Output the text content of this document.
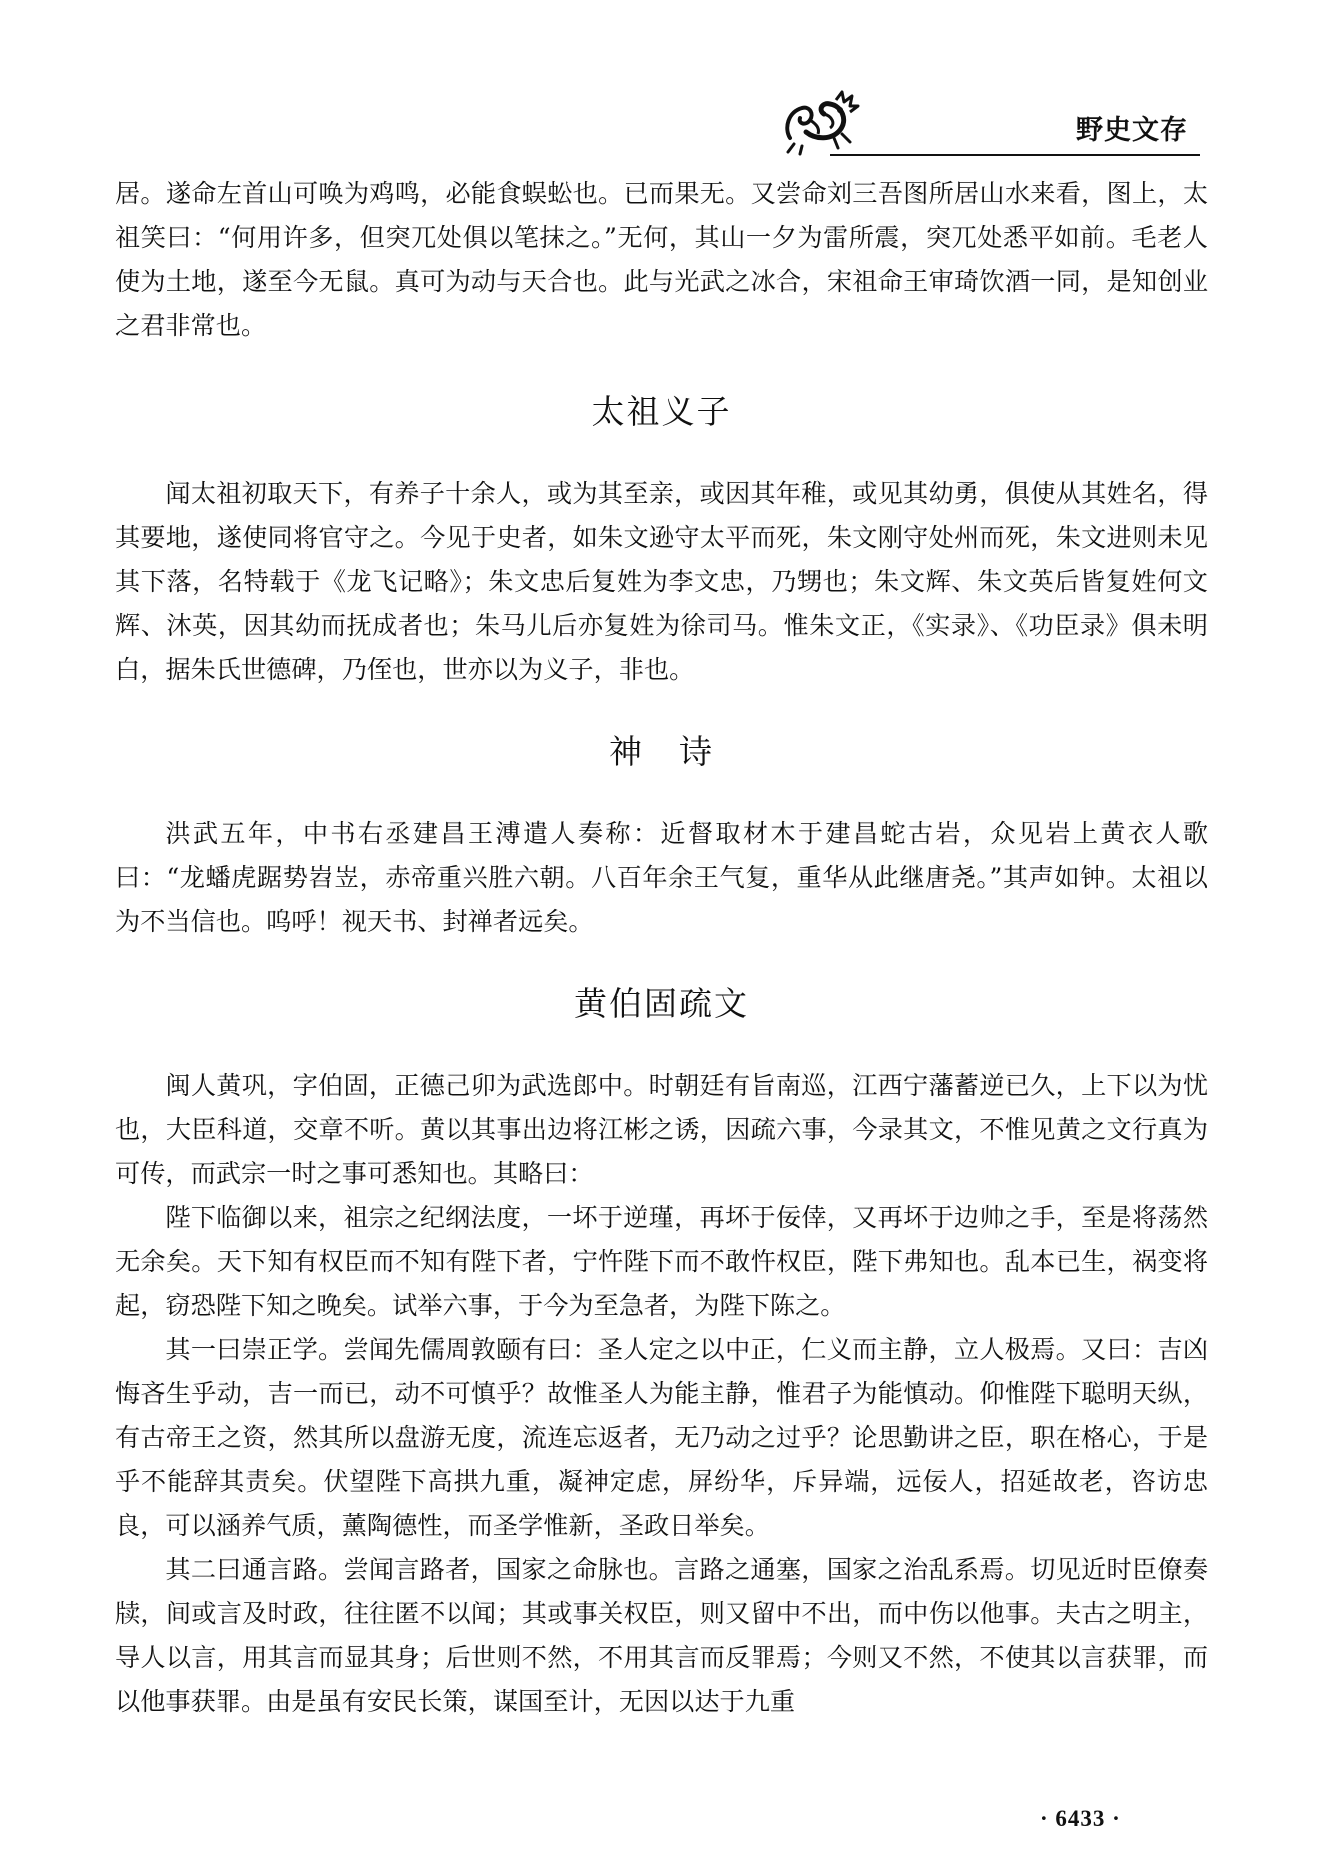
野史文存

居。遂命左首山可唤为鸡鸣，必能食蜈蚣也。已而果无。又尝命刘三吾图所居山水来看，图上，太祖笑曰：“何用许多，但突兀处俱以笔抹之。”无何，其山一夕为雷所震，突兀处悉平如前。毛老人使为土地，遂至今无鼠。真可为动与天合也。此与光武之冰合，宋祖命王审琦饮酒一同，是知创业之君非常也。

太祖义子

闻太祖初取天下，有养子十余人，或为其至亲，或因其年稚，或见其幼勇，俱使从其姓名，得其要地，遂使同将官守之。今见于史者，如朱文逊守太平而死，朱文刚守处州而死，朱文进则未见其下落，名特载于《龙飞记略》；朱文忠后复姓为李文忠，乃甥也；朱文辉、朱文英后皆复姓何文辉、沐英，因其幼而抚成者也；朱马儿后亦复姓为徐司马。惟朱文正，《实录》、《功臣录》俱未明白，据朱氏世德碑，乃侄也，世亦以为义子，非也。

神　诗

洪武五年，中书右丞建昌王溥遣人奏称：近督取材木于建昌蛇古岩，众见岩上黄衣人歌曰：“龙蟠虎踞势岧岦，赤帝重兴胜六朝。八百年余王气复，重华从此继唐尧。”其声如钟。太祖以为不当信也。呜呼！视天书、封禅者远矣。

黄伯固疏文

闽人黄巩，字伯固，正德己卯为武选郎中。时朝廷有旨南巡，江西宁藩蓄逆已久，上下以为忧也，大臣科道，交章不听。黄以其事出边将江彬之诱，因疏六事，今录其文，不惟见黄之文行真为可传，而武宗一时之事可悉知也。其略曰：

陛下临御以来，祖宗之纪纲法度，一坏于逆瑾，再坏于佞倖，又再坏于边帅之手，至是将荡然无余矣。天下知有权臣而不知有陛下者，宁忤陛下而不敢忤权臣，陛下弗知也。乱本已生，祸变将起，窃恐陛下知之晚矣。试举六事，于今为至急者，为陛下陈之。

其一曰崇正学。尝闻先儒周敦颐有曰：圣人定之以中正，仁义而主静，立人极焉。又曰：吉凶悔吝生乎动，吉一而已，动不可慎乎？故惟圣人为能主静，惟君子为能慎动。仰惟陛下聪明天纵，有古帝王之资，然其所以盘游无度，流连忘返者，无乃动之过乎？论思勤讲之臣，职在格心，于是乎不能辞其责矣。伏望陛下高拱九重，凝神定虑，屏纷华，斥异端，远佞人，招延故老，咨访忠良，可以涵养气质，薰陶德性，而圣学惟新，圣政日举矣。

其二曰通言路。尝闻言路者，国家之命脉也。言路之通塞，国家之治乱系焉。切见近时臣僚奏牍，间或言及时政，往往匿不以闻；其或事关权臣，则又留中不出，而中伤以他事。夫古之明主，导人以言，用其言而显其身；后世则不然，不用其言而反罪焉；今则又不然，不使其以言获罪，而以他事获罪。由是虽有安民长策，谋国至计，无因以达于九重

· 6433 ·
